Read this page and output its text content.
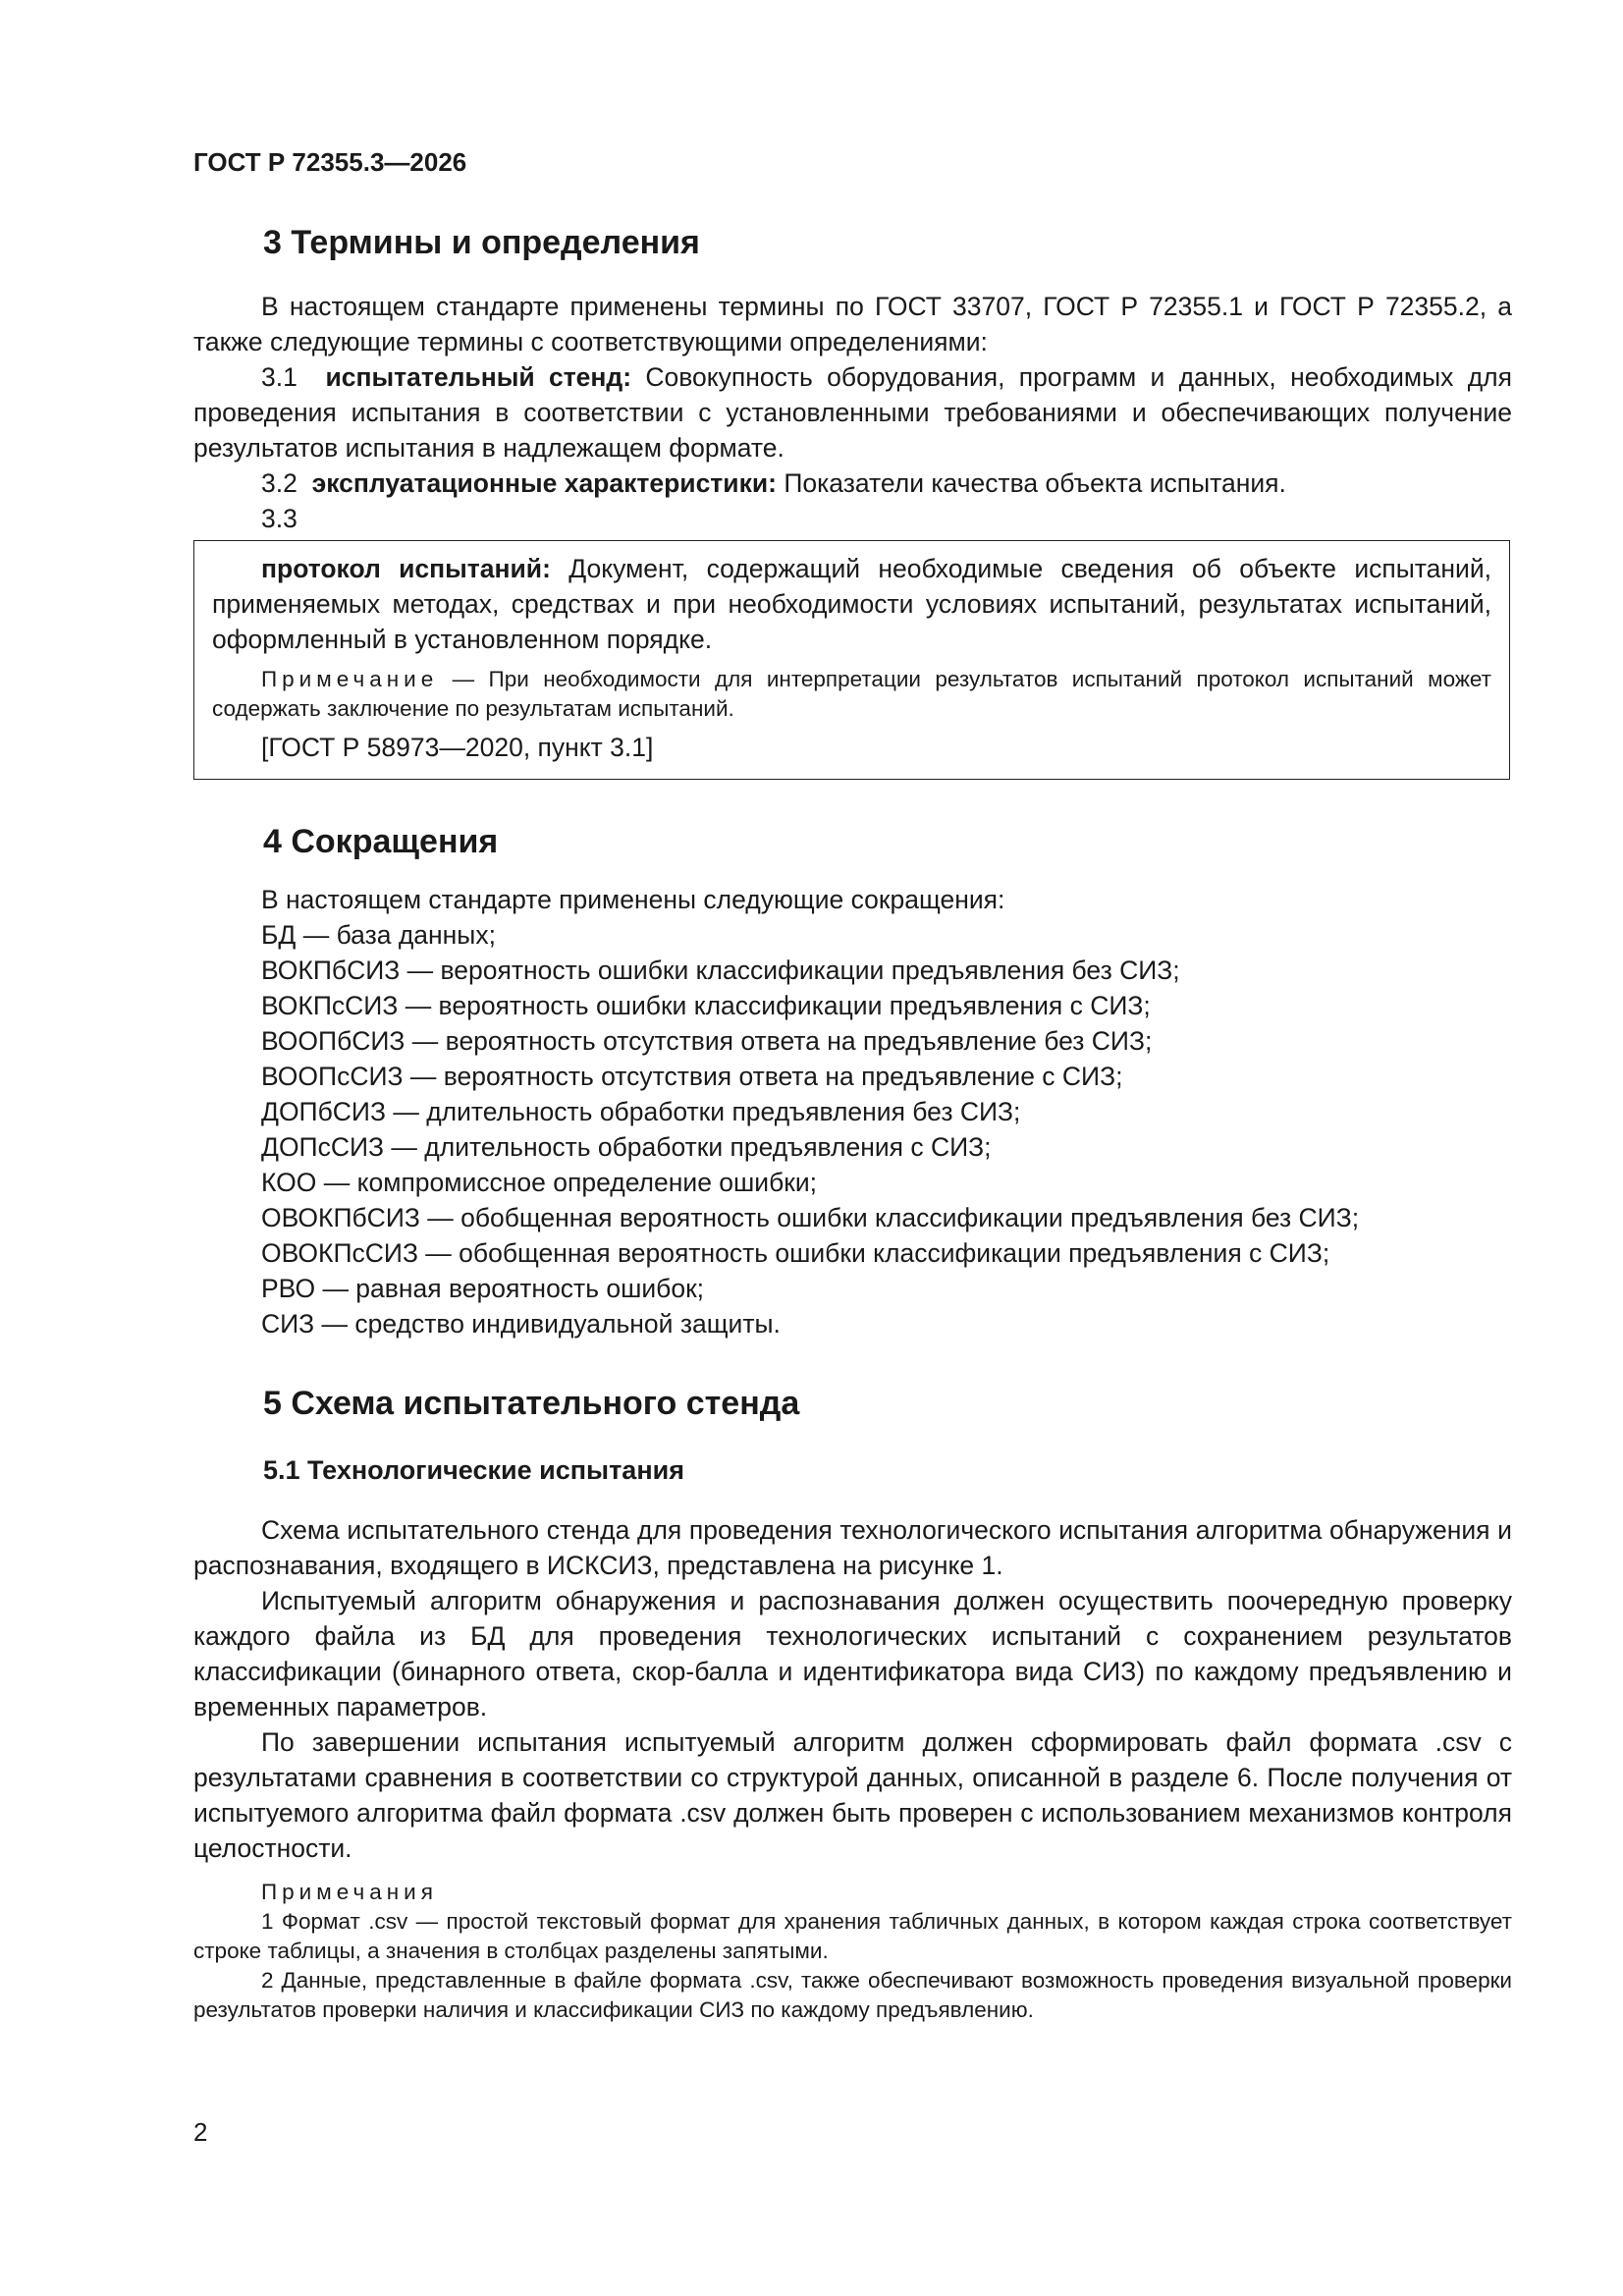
ГОСТ Р 72355.3—2026

3 Термины и определения

В настоящем стандарте применены термины по ГОСТ 33707, ГОСТ Р 72355.1 и ГОСТ Р 72355.2, а также следующие термины с соответствующими определениями:

3.1 испытательный стенд: Совокупность оборудования, программ и данных, необходимых для проведения испытания в соответствии с установленными требованиями и обеспечивающих получение результатов испытания в надлежащем формате.

3.2 эксплуатационные характеристики: Показатели качества объекта испытания.

3.3

протокол испытаний: Документ, содержащий необходимые сведения об объекте испытаний, применяемых методах, средствах и при необходимости условиях испытаний, результатах испытаний, оформленный в установленном порядке.

Примечание — При необходимости для интерпретации результатов испытаний протокол испытаний может содержать заключение по результатам испытаний.

[ГОСТ Р 58973—2020, пункт 3.1]

4 Сокращения

В настоящем стандарте применены следующие сокращения:

БД — база данных;

ВОКПбСИЗ — вероятность ошибки классификации предъявления без СИЗ;

ВОКПсСИЗ — вероятность ошибки классификации предъявления с СИЗ;

ВООПбСИЗ — вероятность отсутствия ответа на предъявление без СИЗ;

ВООПсСИЗ — вероятность отсутствия ответа на предъявление с СИЗ;

ДОПбСИЗ — длительность обработки предъявления без СИЗ;

ДОПсСИЗ — длительность обработки предъявления с СИЗ;

КОО — компромиссное определение ошибки;

ОВОКПбСИЗ — обобщенная вероятность ошибки классификации предъявления без СИЗ;

ОВОКПсСИЗ — обобщенная вероятность ошибки классификации предъявления с СИЗ;

РВО — равная вероятность ошибок;

СИЗ — средство индивидуальной защиты.

5 Схема испытательного стенда
5.1 Технологические испытания

Схема испытательного стенда для проведения технологического испытания алгоритма обнаружения и распознавания, входящего в ИСКСИЗ, представлена на рисунке 1.

Испытуемый алгоритм обнаружения и распознавания должен осуществить поочередную проверку каждого файла из БД для проведения технологических испытаний с сохранением результатов классификации (бинарного ответа, скор-балла и идентификатора вида СИЗ) по каждому предъявлению и временных параметров.

По завершении испытания испытуемый алгоритм должен сформировать файл формата .csv с результатами сравнения в соответствии со структурой данных, описанной в разделе 6. После получения от испытуемого алгоритма файл формата .csv должен быть проверен с использованием механизмов контроля целостности.

Примечания

1 Формат .csv — простой текстовый формат для хранения табличных данных, в котором каждая строка соответствует строке таблицы, а значения в столбцах разделены запятыми.

2 Данные, представленные в файле формата .csv, также обеспечивают возможность проведения визуальной проверки результатов проверки наличия и классификации СИЗ по каждому предъявлению.

2
